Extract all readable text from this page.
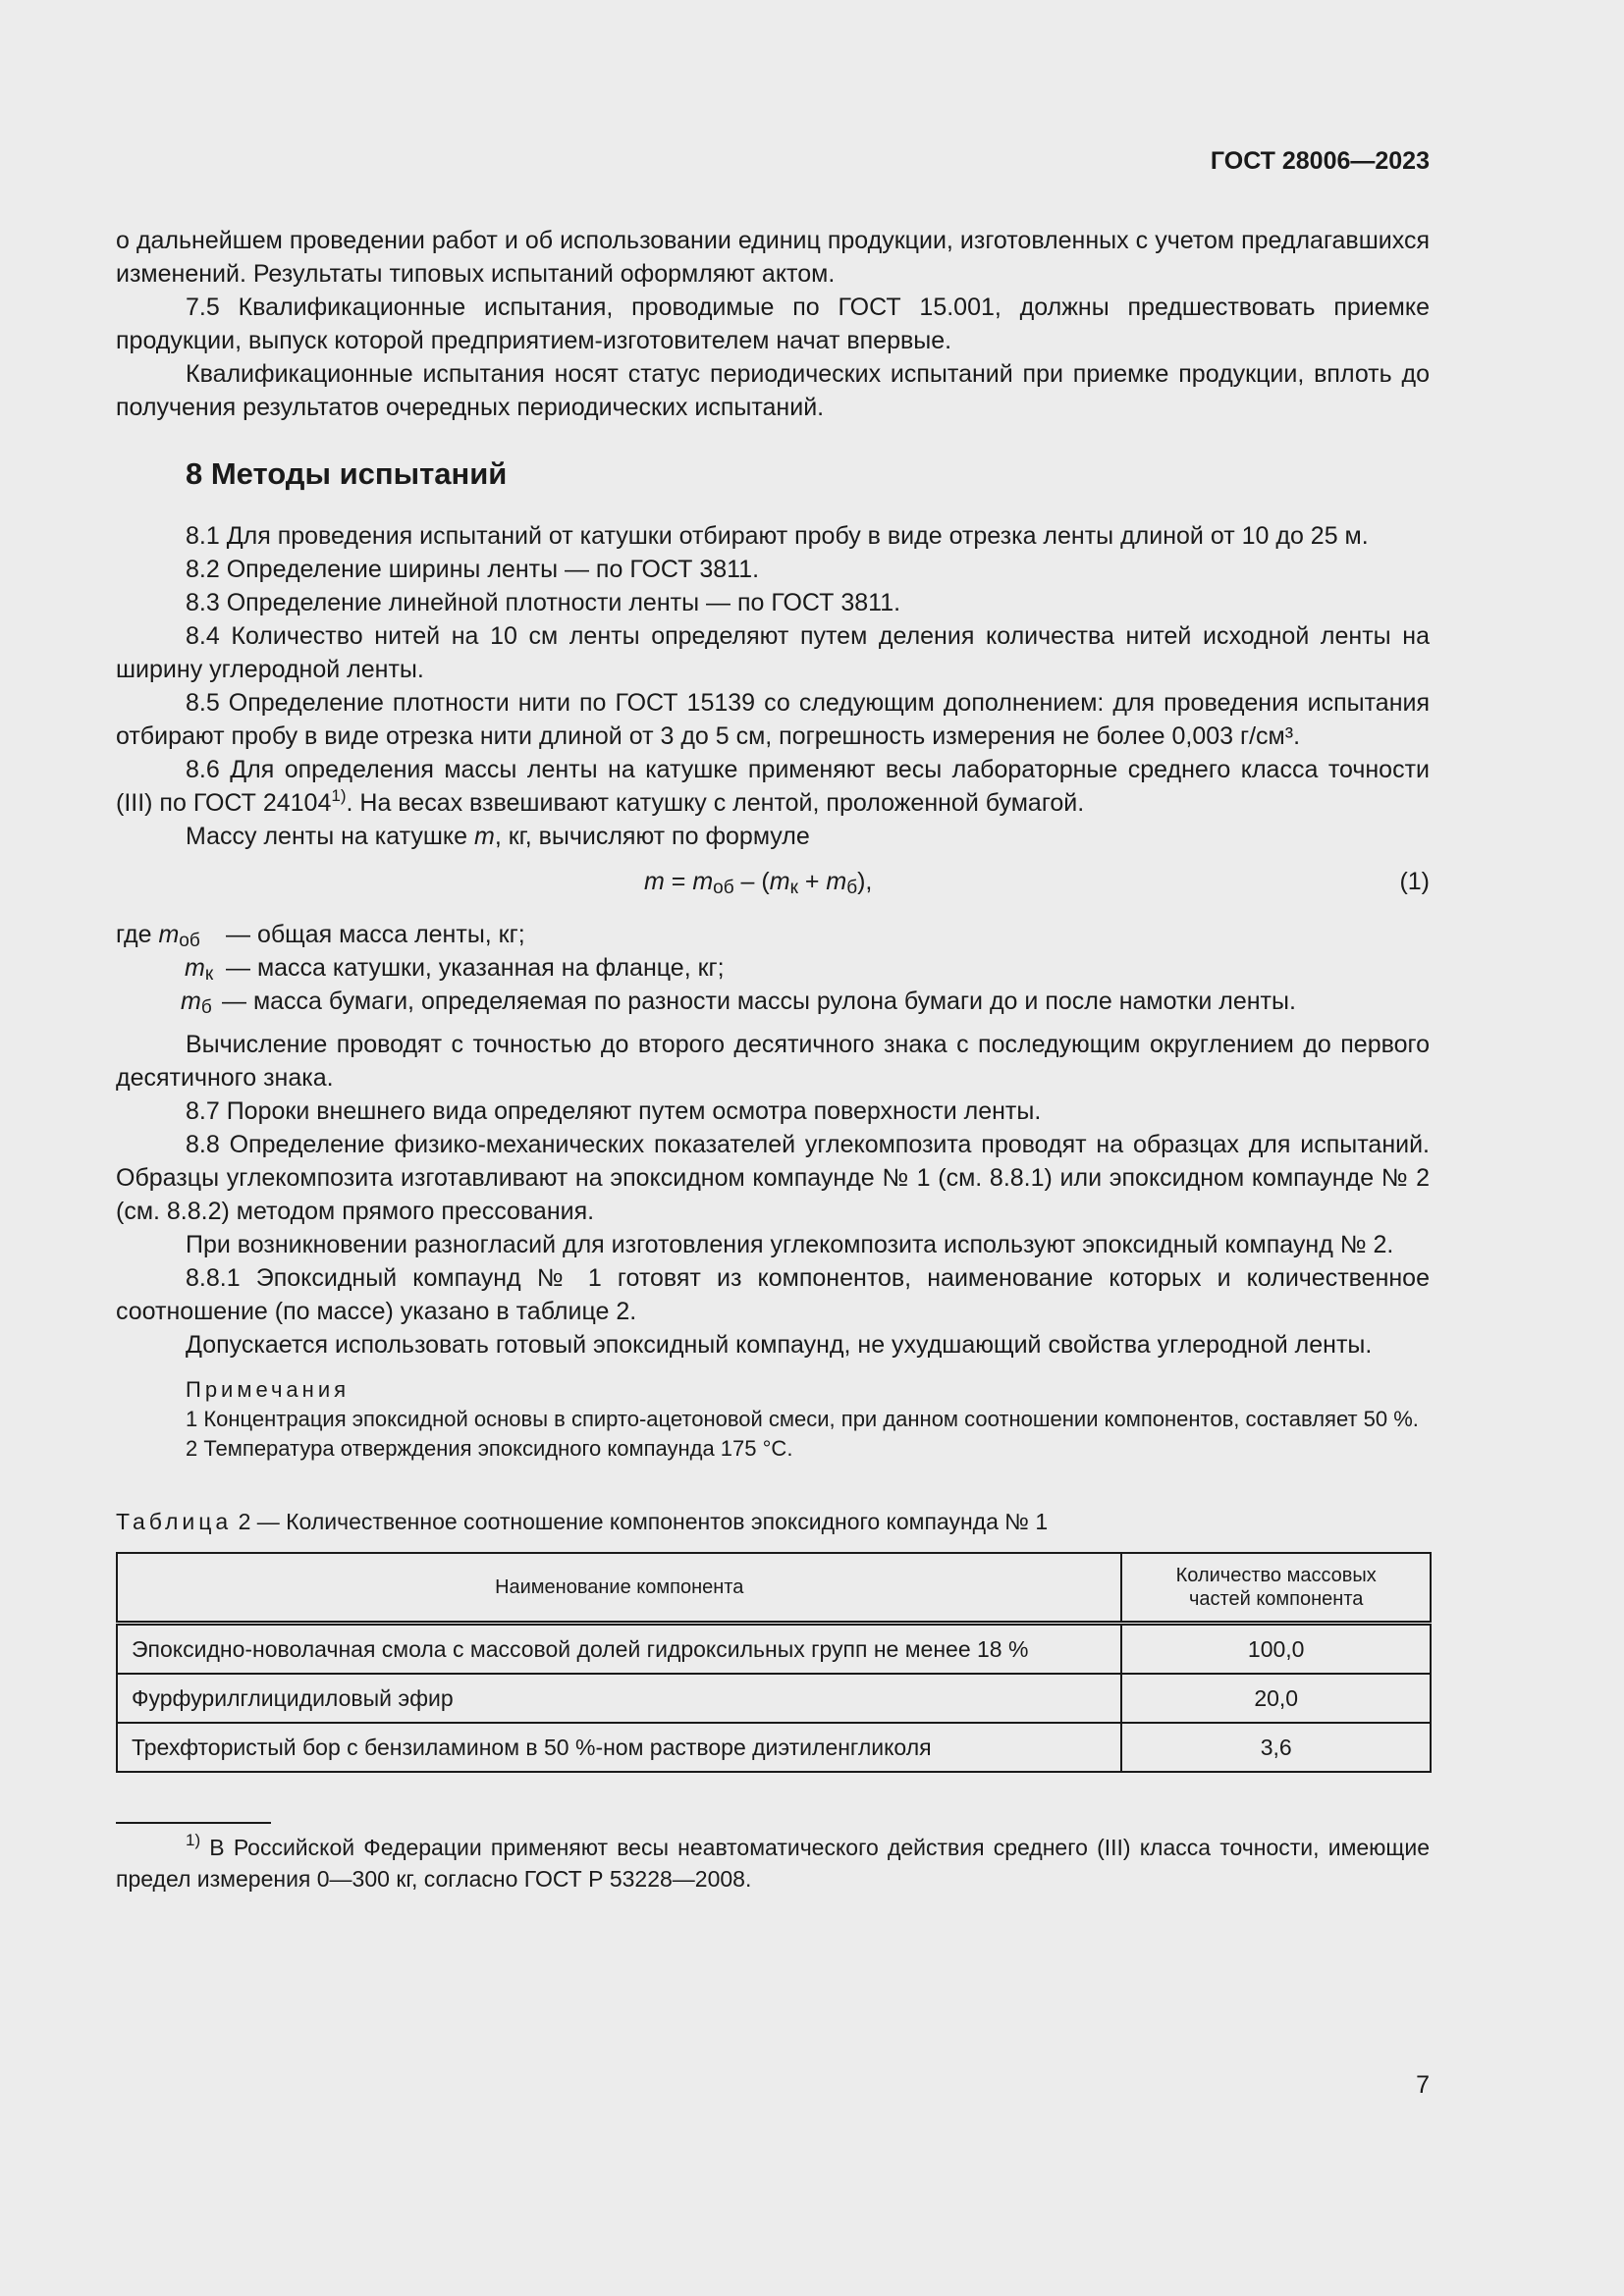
ГОСТ 28006—2023

о дальнейшем проведении работ и об использовании единиц продукции, изготовленных с учетом предлагавшихся изменений. Результаты типовых испытаний оформляют актом.

7.5 Квалификационные испытания, проводимые по ГОСТ 15.001, должны предшествовать приемке продукции, выпуск которой предприятием-изготовителем начат впервые.

Квалификационные испытания носят статус периодических испытаний при приемке продукции, вплоть до получения результатов очередных периодических испытаний.

8 Методы испытаний

8.1 Для проведения испытаний от катушки отбирают пробу в виде отрезка ленты длиной от 10 до 25 м.

8.2 Определение ширины ленты — по ГОСТ 3811.

8.3 Определение линейной плотности ленты — по ГОСТ 3811.

8.4 Количество нитей на 10 см ленты определяют путем деления количества нитей исходной ленты на ширину углеродной ленты.

8.5 Определение плотности нити по ГОСТ 15139 со следующим дополнением: для проведения испытания отбирают пробу в виде отрезка нити длиной от 3 до 5 см, погрешность измерения не более 0,003 г/см³.

8.6 Для определения массы ленты на катушке применяют весы лабораторные среднего класса точности (III) по ГОСТ 24104$^{1)}$. На весах взвешивают катушку с лентой, проложенной бумагой.

Массу ленты на катушке m, кг, вычисляют по формуле

$m = m_{об} - (m_к + m_б)$,	(1)
где $m_{об}$ — общая масса ленты, кг;
$m_к$ — масса катушки, указанная на фланце, кг;
$m_б$ — масса бумаги, определяемая по разности массы рулона бумаги до и после намотки ленты.

Вычисление проводят с точностью до второго десятичного знака с последующим округлением до первого десятичного знака.

8.7 Пороки внешнего вида определяют путем осмотра поверхности ленты.

8.8 Определение физико-механических показателей углекомпозита проводят на образцах для испытаний. Образцы углекомпозита изготавливают на эпоксидном компаунде № 1 (см. 8.8.1) или эпоксидном компаунде № 2 (см. 8.8.2) методом прямого прессования.

При возникновении разногласий для изготовления углекомпозита используют эпоксидный компаунд № 2.

8.8.1 Эпоксидный компаунд № 1 готовят из компонентов, наименование которых и количественное соотношение (по массе) указано в таблице 2.

Допускается использовать готовый эпоксидный компаунд, не ухудшающий свойства углеродной ленты.

Примечания

1 Концентрация эпоксидной основы в спирто-ацетоновой смеси, при данном соотношении компонентов, составляет 50 %.

2 Температура отверждения эпоксидного компаунда 175 °С.

Таблица 2 — Количественное соотношение компонентов эпоксидного компаунда № 1
Наименование компонента	Количество массовых
частей компонента
Эпоксидно-новолачная смола с массовой долей гидроксильных групп не менее 18 %	100,0
Фурфурилглицидиловый эфир	20,0
Трехфтористый бор с бензиламином в 50 %-ном растворе диэтиленгликоля	3,6

$^{1)}$ В Российской Федерации применяют весы неавтоматического действия среднего (III) класса точности, имеющие предел измерения 0—300 кг, согласно ГОСТ Р 53228—2008.

7
